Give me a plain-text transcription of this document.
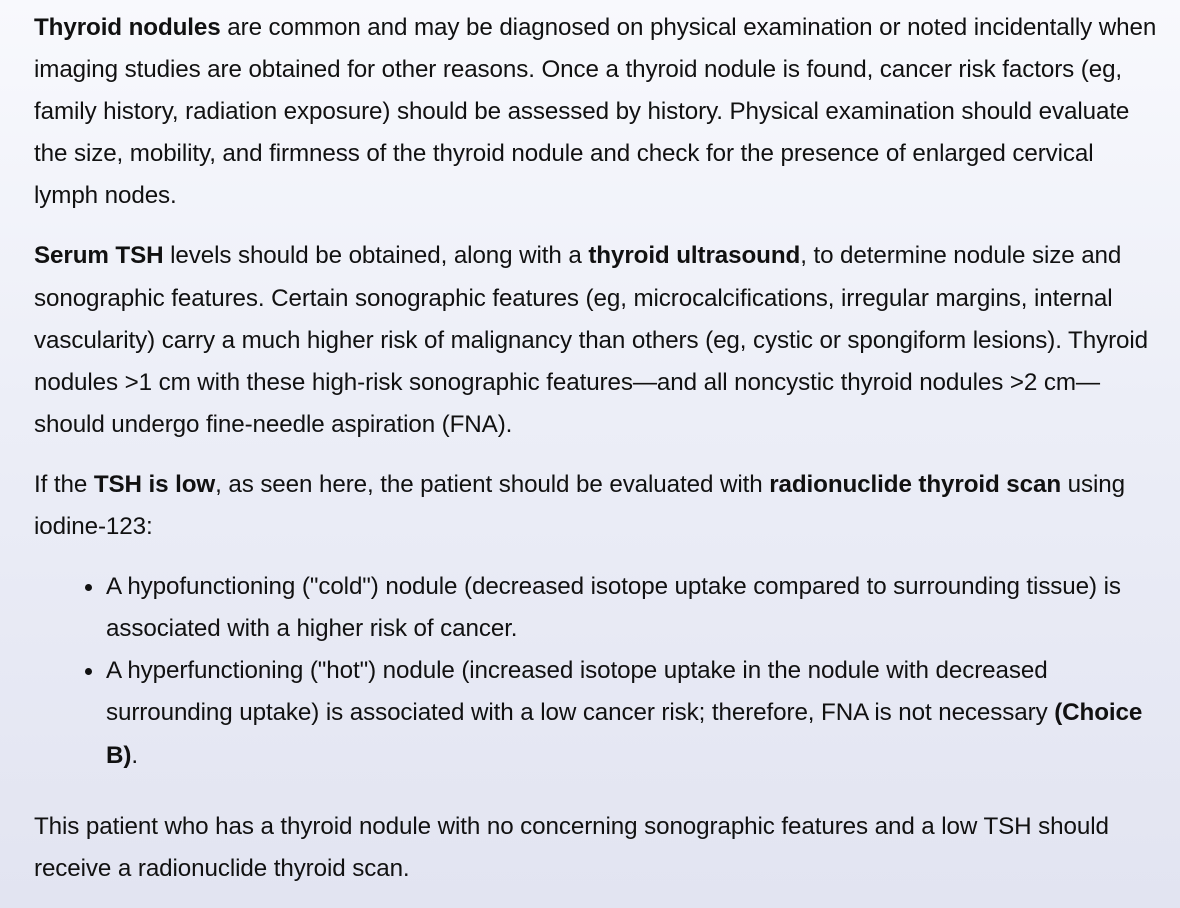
Thyroid nodules are common and may be diagnosed on physical examination or noted incidentally when imaging studies are obtained for other reasons. Once a thyroid nodule is found, cancer risk factors (eg, family history, radiation exposure) should be assessed by history. Physical examination should evaluate the size, mobility, and firmness of the thyroid nodule and check for the presence of enlarged cervical lymph nodes.

Serum TSH levels should be obtained, along with a thyroid ultrasound, to determine nodule size and sonographic features. Certain sonographic features (eg, microcalcifications, irregular margins, internal vascularity) carry a much higher risk of malignancy than others (eg, cystic or spongiform lesions). Thyroid nodules >1 cm with these high-risk sonographic features—and all noncystic thyroid nodules >2 cm—should undergo fine-needle aspiration (FNA).

If the TSH is low, as seen here, the patient should be evaluated with radionuclide thyroid scan using iodine-123:

A hypofunctioning ("cold") nodule (decreased isotope uptake compared to surrounding tissue) is associated with a higher risk of cancer.
A hyperfunctioning ("hot") nodule (increased isotope uptake in the nodule with decreased surrounding uptake) is associated with a low cancer risk; therefore, FNA is not necessary (Choice B).

This patient who has a thyroid nodule with no concerning sonographic features and a low TSH should receive a radionuclide thyroid scan.
